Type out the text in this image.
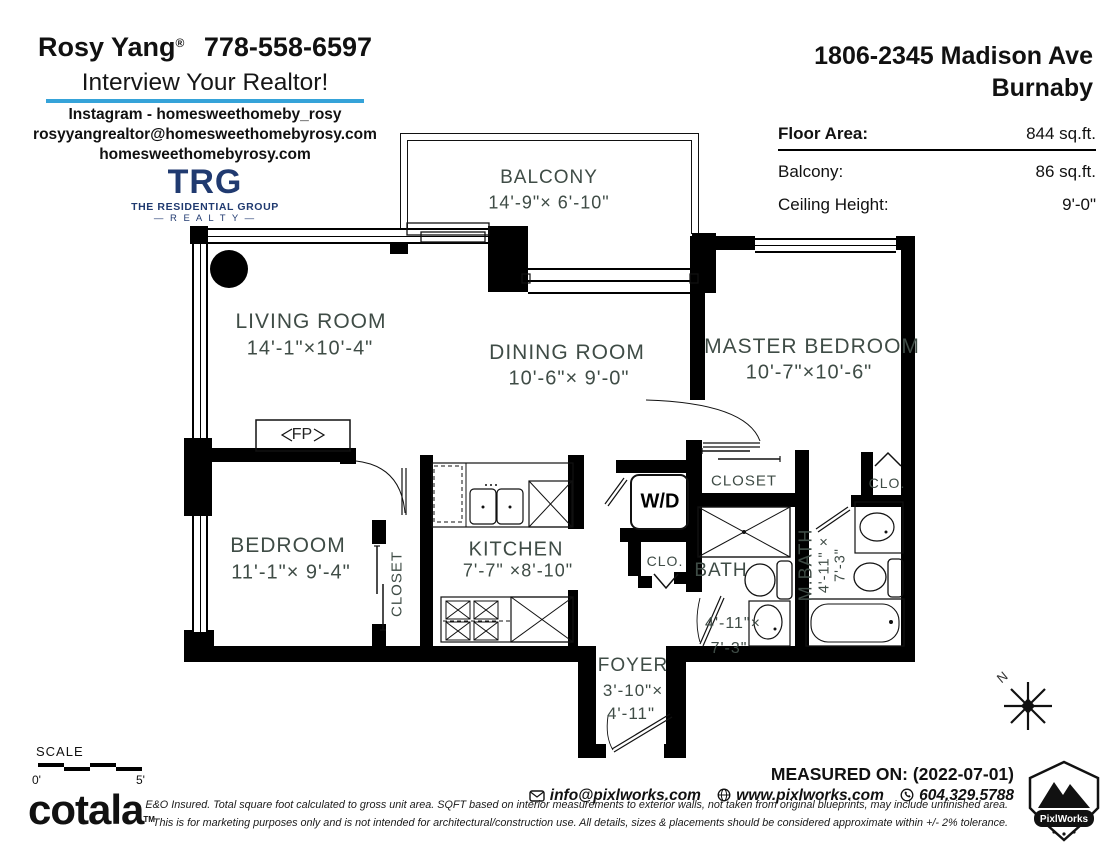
Rosy Yang® 778-558-6597
Interview Your Realtor!
Instagram - homesweethomeby_rosy
rosyyangrealtor@homesweethomebyrosy.com
homesweethomebyrosy.com
TRG
THE RESIDENTIAL GROUP
— R E A L T Y —
1806-2345 Madison Ave
Burnaby
Floor Area:	844 sq.ft.
Balcony:	86 sq.ft.
Ceiling Height:	9'-0"
BALCONY
14'-9"× 6'-10"
LIVING ROOM
14'-1"×10'-4"	DINING ROOM
10'-6"× 9'-0"
MASTER BEDROOM
10'-7"×10'-6"
BEDROOM
11'-1"× 9'-4"
KITCHEN
7'-7" ×8'-10"	BATH
4'-11"×
7'-3"
M.BATH 4'-11" × 7'-3"
FOYER
3'-10"×
4'-11"
W/D
CLOSET
CLO.
CLO.
CLOSET
FP
N
SCALE
0'	5'
cotalaTM
E&O Insured. Total square foot calculated to gross unit area. SQFT based on interior measurements to exterior walls, not taken from original blueprints, may include unfinished area.
This is for marketing purposes only and is not intended for architectural/construction use. All details, sizes & placements should be considered approximate within +/- 2% tolerance.
MEASURED ON: (2022-07-01)
info@pixlworks.com www.pixlworks.com 604.329.5788
PixlWorks
